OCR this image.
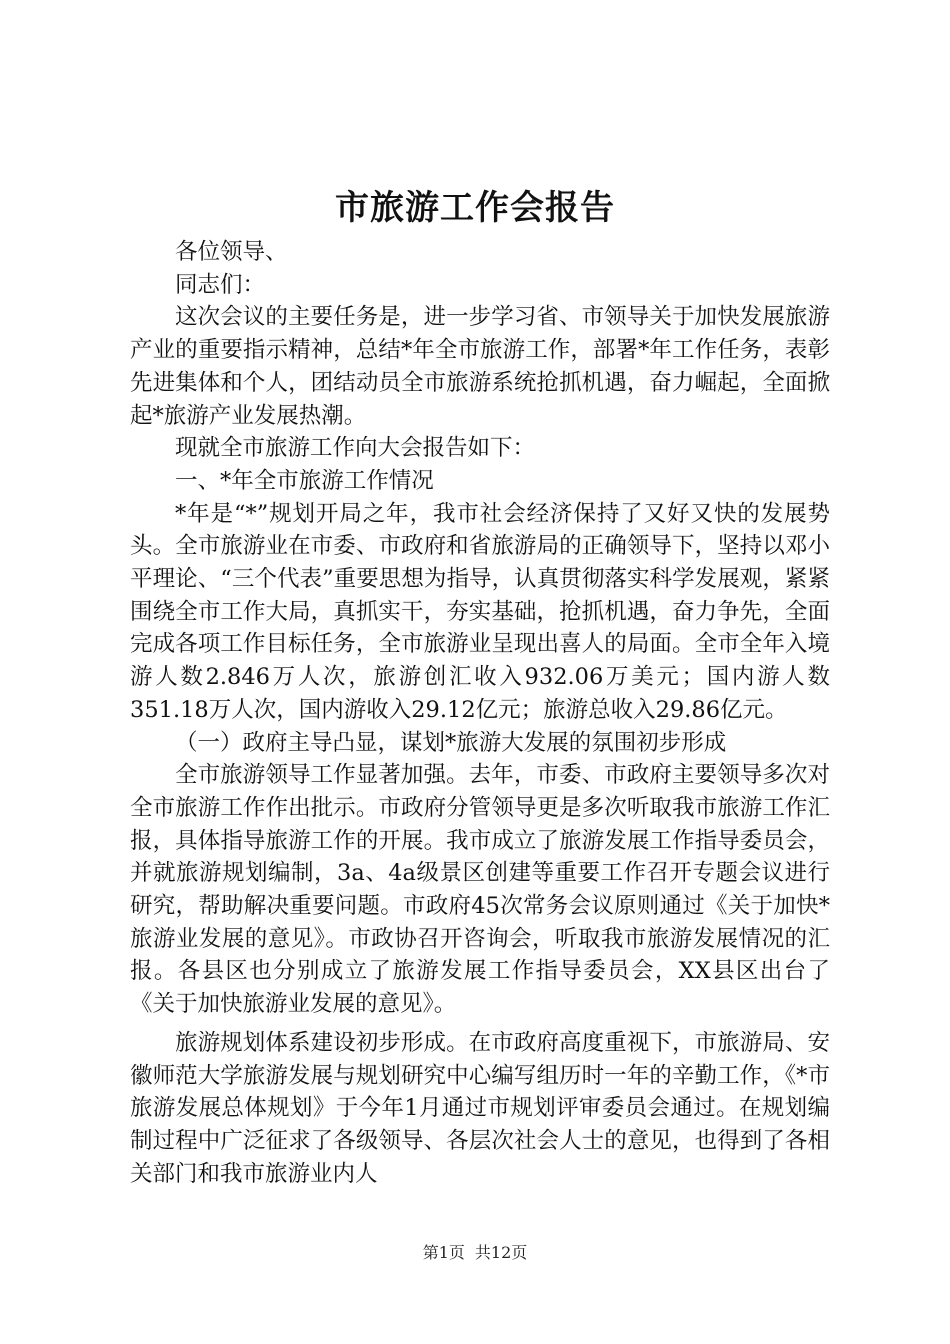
市旅游工作会报告

各位领导、

同志们：

这次会议的主要任务是，进一步学习省、市领导关于加快发展旅游产业的重要指示精神，总结*年全市旅游工作，部署*年工作任务，表彰先进集体和个人，团结动员全市旅游系统抢抓机遇，奋力崛起，全面掀起*旅游产业发展热潮。

现就全市旅游工作向大会报告如下：

一、*年全市旅游工作情况

*年是“*”规划开局之年，我市社会经济保持了又好又快的发展势头。全市旅游业在市委、市政府和省旅游局的正确领导下，坚持以邓小平理论、“三个代表”重要思想为指导，认真贯彻落实科学发展观，紧紧围绕全市工作大局，真抓实干，夯实基础，抢抓机遇，奋力争先，全面完成各项工作目标任务，全市旅游业呈现出喜人的局面。全市全年入境游人数2.846万人次，旅游创汇收入932.06万美元；国内游人数351.18万人次，国内游收入29.12亿元；旅游总收入29.86亿元。

（一）政府主导凸显，谋划*旅游大发展的氛围初步形成

全市旅游领导工作显著加强。去年，市委、市政府主要领导多次对全市旅游工作作出批示。市政府分管领导更是多次听取我市旅游工作汇报，具体指导旅游工作的开展。我市成立了旅游发展工作指导委员会，并就旅游规划编制，3a、4a级景区创建等重要工作召开专题会议进行研究，帮助解决重要问题。市政府45次常务会议原则通过《关于加快*旅游业发展的意见》。市政协召开咨询会，听取我市旅游发展情况的汇报。各县区也分别成立了旅游发展工作指导委员会，XX县区出台了《关于加快旅游业发展的意见》。

旅游规划体系建设初步形成。在市政府高度重视下，市旅游局、安徽师范大学旅游发展与规划研究中心编写组历时一年的辛勤工作，《*市旅游发展总体规划》于今年1月通过市规划评审委员会通过。在规划编制过程中广泛征求了各级领导、各层次社会人士的意见，也得到了各相关部门和我市旅游业内人

第1页 共12页
